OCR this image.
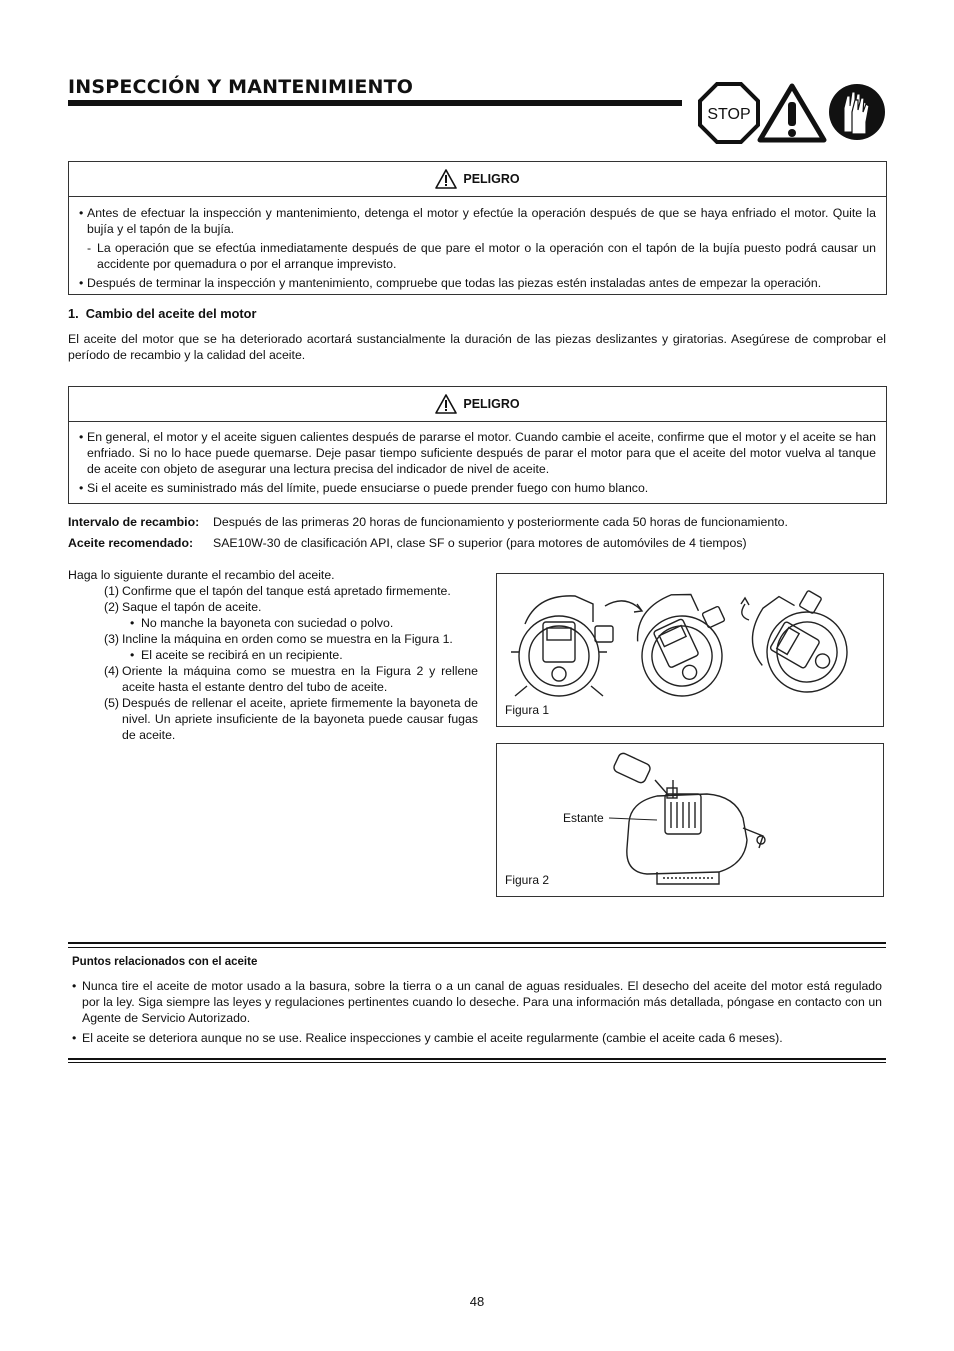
INSPECCIÓN Y MANTENIMIENTO
STOP
PELIGRO
• Antes de efectuar la inspección y mantenimiento, detenga el motor y efectúe la operación después de que se haya enfriado el motor. Quite la bujía y el tapón de la bujía.
- La operación que se efectúa inmediatamente después de que pare el motor o la operación con el tapón de la bujía puesto podrá causar un accidente por quemadura o por el arranque imprevisto.
• Después de terminar la inspección y mantenimiento, compruebe que todas las piezas estén instaladas antes de empezar la operación.
1.  Cambio del aceite del motor
El aceite del motor que se ha deteriorado acortará sustancialmente la duración de las piezas deslizantes y giratorias. Asegúrese de comprobar el período de recambio y la calidad del aceite.
PELIGRO
• En general, el motor y el aceite siguen calientes después de pararse el motor. Cuando cambie el aceite, confirme que el motor y el aceite se han enfriado. Si no lo hace puede quemarse. Deje pasar tiempo suficiente después de parar el motor para que el aceite del motor vuelva al tanque de aceite con objeto de asegurar una lectura precisa del indicador de nivel de aceite.
• Si el aceite es suministrado más del límite, puede ensuciarse o puede prender fuego con humo blanco.
Intervalo de recambio:	Después de las primeras 20 horas de funcionamiento y posteriormente cada 50 horas de funcionamiento.
Aceite recomendado:	SAE10W-30 de clasificación API, clase SF o superior (para motores de automóviles de 4 tiempos)
Haga lo siguiente durante el recambio del aceite.
(1) Confirme que el tapón del tanque está apretado firmemente.
(2) Saque el tapón de aceite.
• No manche la bayoneta con suciedad o polvo.
(3) Incline la máquina en orden como se muestra en la Figura 1.
• El aceite se recibirá en un recipiente.
(4) Oriente la máquina como se muestra en la Figura 2 y rellene aceite hasta el estante dentro del tubo de aceite.
(5) Después de rellenar el aceite, apriete firmemente la bayoneta de nivel. Un apriete insuficiente de la bayoneta puede causar fugas de aceite.
Figura 1
Estante
Figura 2
Puntos relacionados con el aceite
• Nunca tire el aceite de motor usado a la basura, sobre la tierra o a un canal de aguas residuales. El desecho del aceite del motor está regulado por la ley. Siga siempre las leyes y regulaciones pertinentes cuando lo deseche. Para una información más detallada, póngase en contacto con un Agente de Servicio Autorizado.
• El aceite se deteriora aunque no se use. Realice inspecciones y cambie el aceite regularmente (cambie el aceite cada 6 meses).
48
